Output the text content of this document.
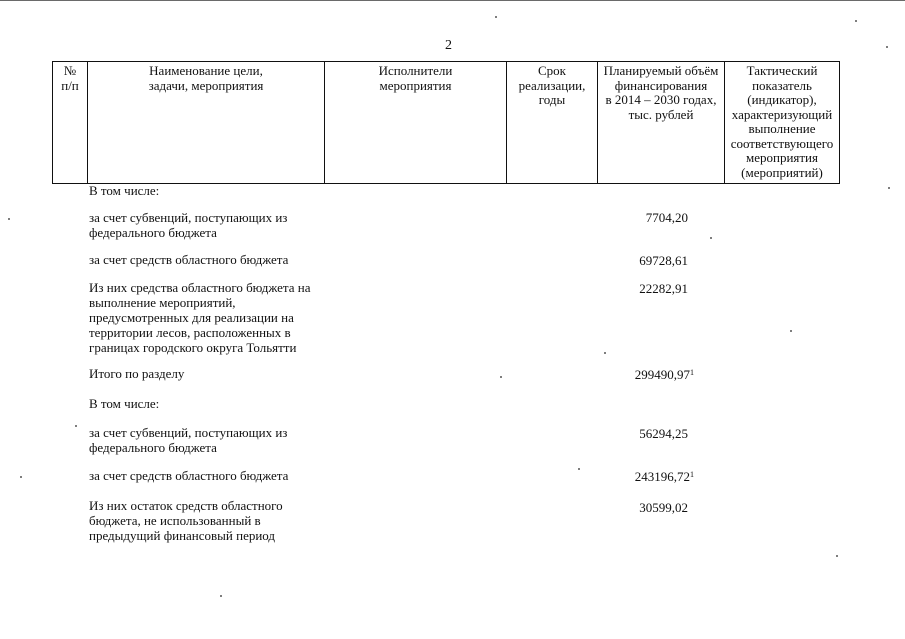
2
№
п/п	Наименование цели,
задачи, мероприятия	Исполнители
мероприятия	Срок
реализации,
годы	Планируемый объём
финансирования
в 2014 – 2030 годах,
тыс. рублей	Тактический
показатель
(индикатор),
характеризующий
выполнение
соответствующего
мероприятия
(мероприятий)
В том числе:
за счет субвенций, поступающих из федерального бюджета
7704,20
за счет средств областного бюджета	69728,61
Из них средства областного бюджета на выполнение мероприятий, предусмотренных для реализации на территории лесов, расположенных в границах городского округа Тольятти
22282,91
Итого по разделу	299490,97$^1$
В том числе:
за счет субвенций, поступающих из федерального бюджета
56294,25
за счет средств областного бюджета	243196,72$^1$
Из них остаток средств областного бюджета, не использованный в предыдущий финансовый период
30599,02
